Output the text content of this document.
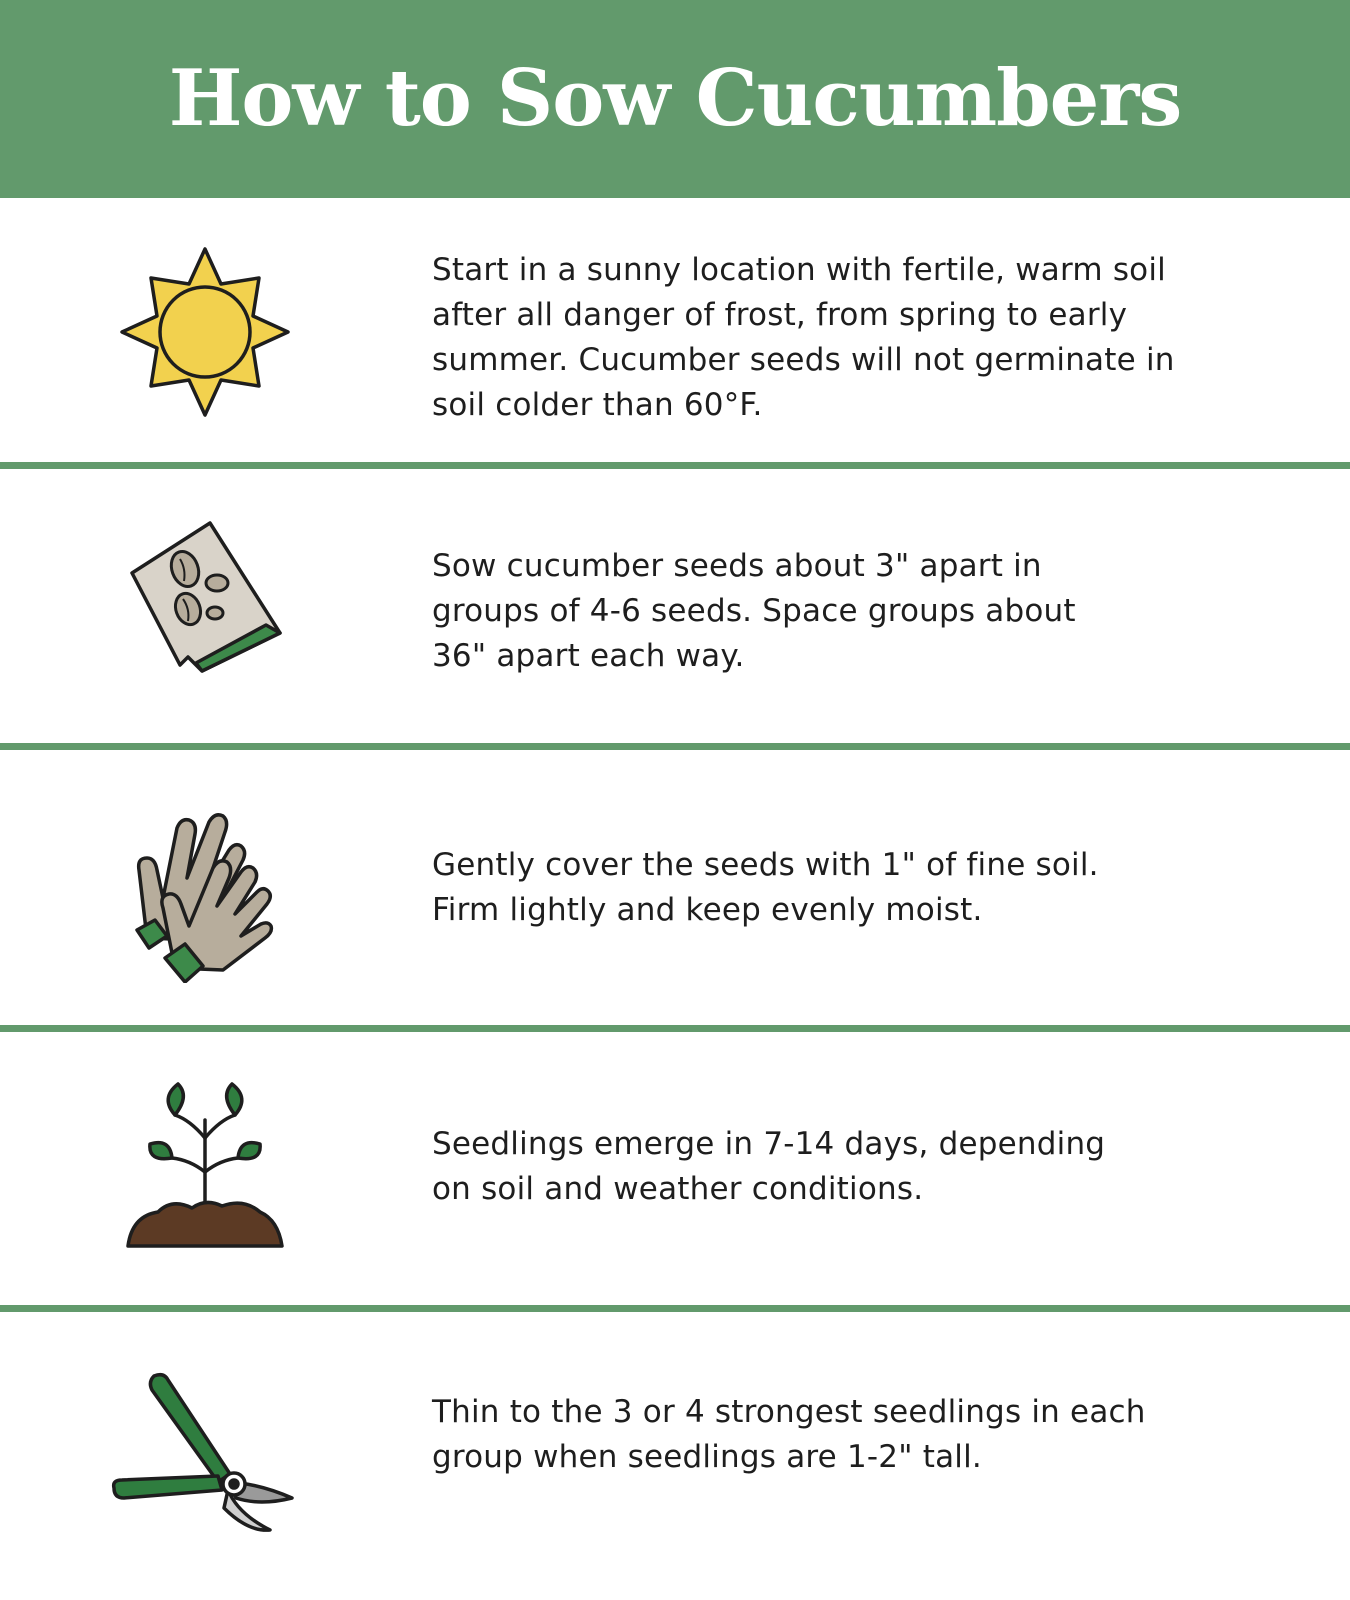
How to Sow Cucumbers

Start in a sunny location with fertile, warm soil after all danger of frost, from spring to early summer. Cucumber seeds will not germinate in soil colder than 60°F.

Sow cucumber seeds about 3" apart in groups of 4-6 seeds. Space groups about 36" apart each way.

Gently cover the seeds with 1" of fine soil. Firm lightly and keep evenly moist.

Seedlings emerge in 7-14 days, depending on soil and weather conditions.

Thin to the 3 or 4 strongest seedlings in each group when seedlings are 1-2" tall.
